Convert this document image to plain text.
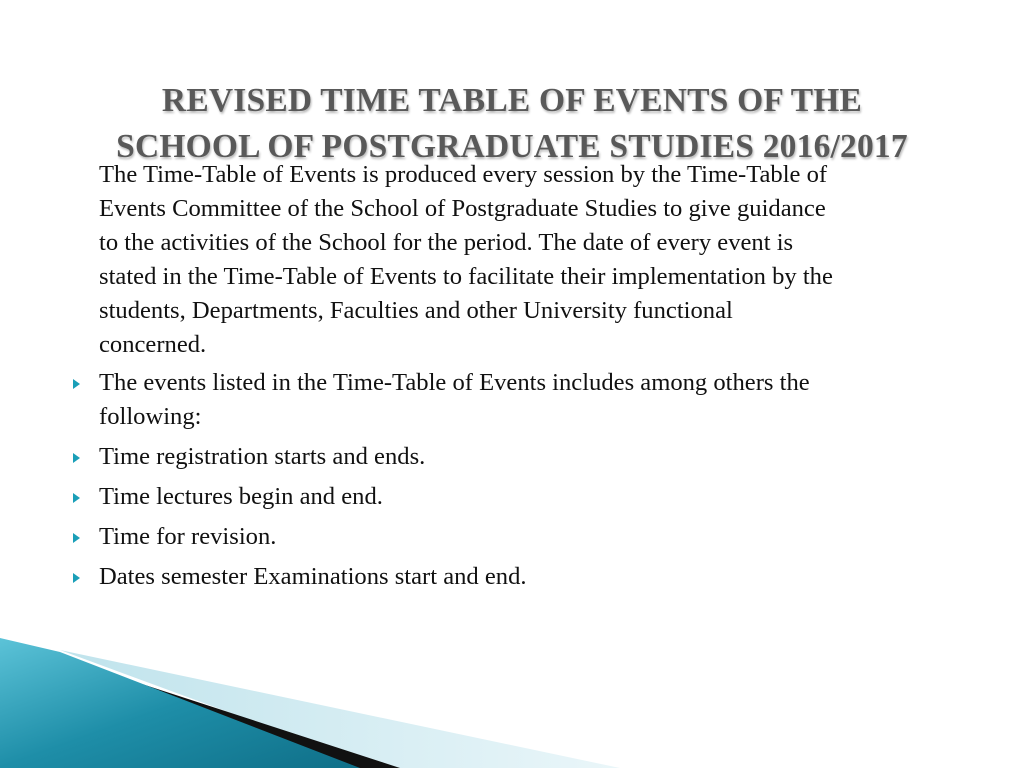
REVISED TIME TABLE OF EVENTS OF THE
SCHOOL OF POSTGRADUATE STUDIES 2016/2017

The Time-Table of Events is produced every session by the Time-Table of
Events Committee of the School of Postgraduate Studies to give guidance
to the activities of the School for the period. The date of every event is
stated in the Time-Table of Events to facilitate their implementation by the
students, Departments, Faculties and other University functional
concerned.

The events listed in the Time-Table of Events includes among others the
following:
Time registration starts and ends.
Time lectures begin and end.
Time for revision.
Dates semester Examinations start and end.
